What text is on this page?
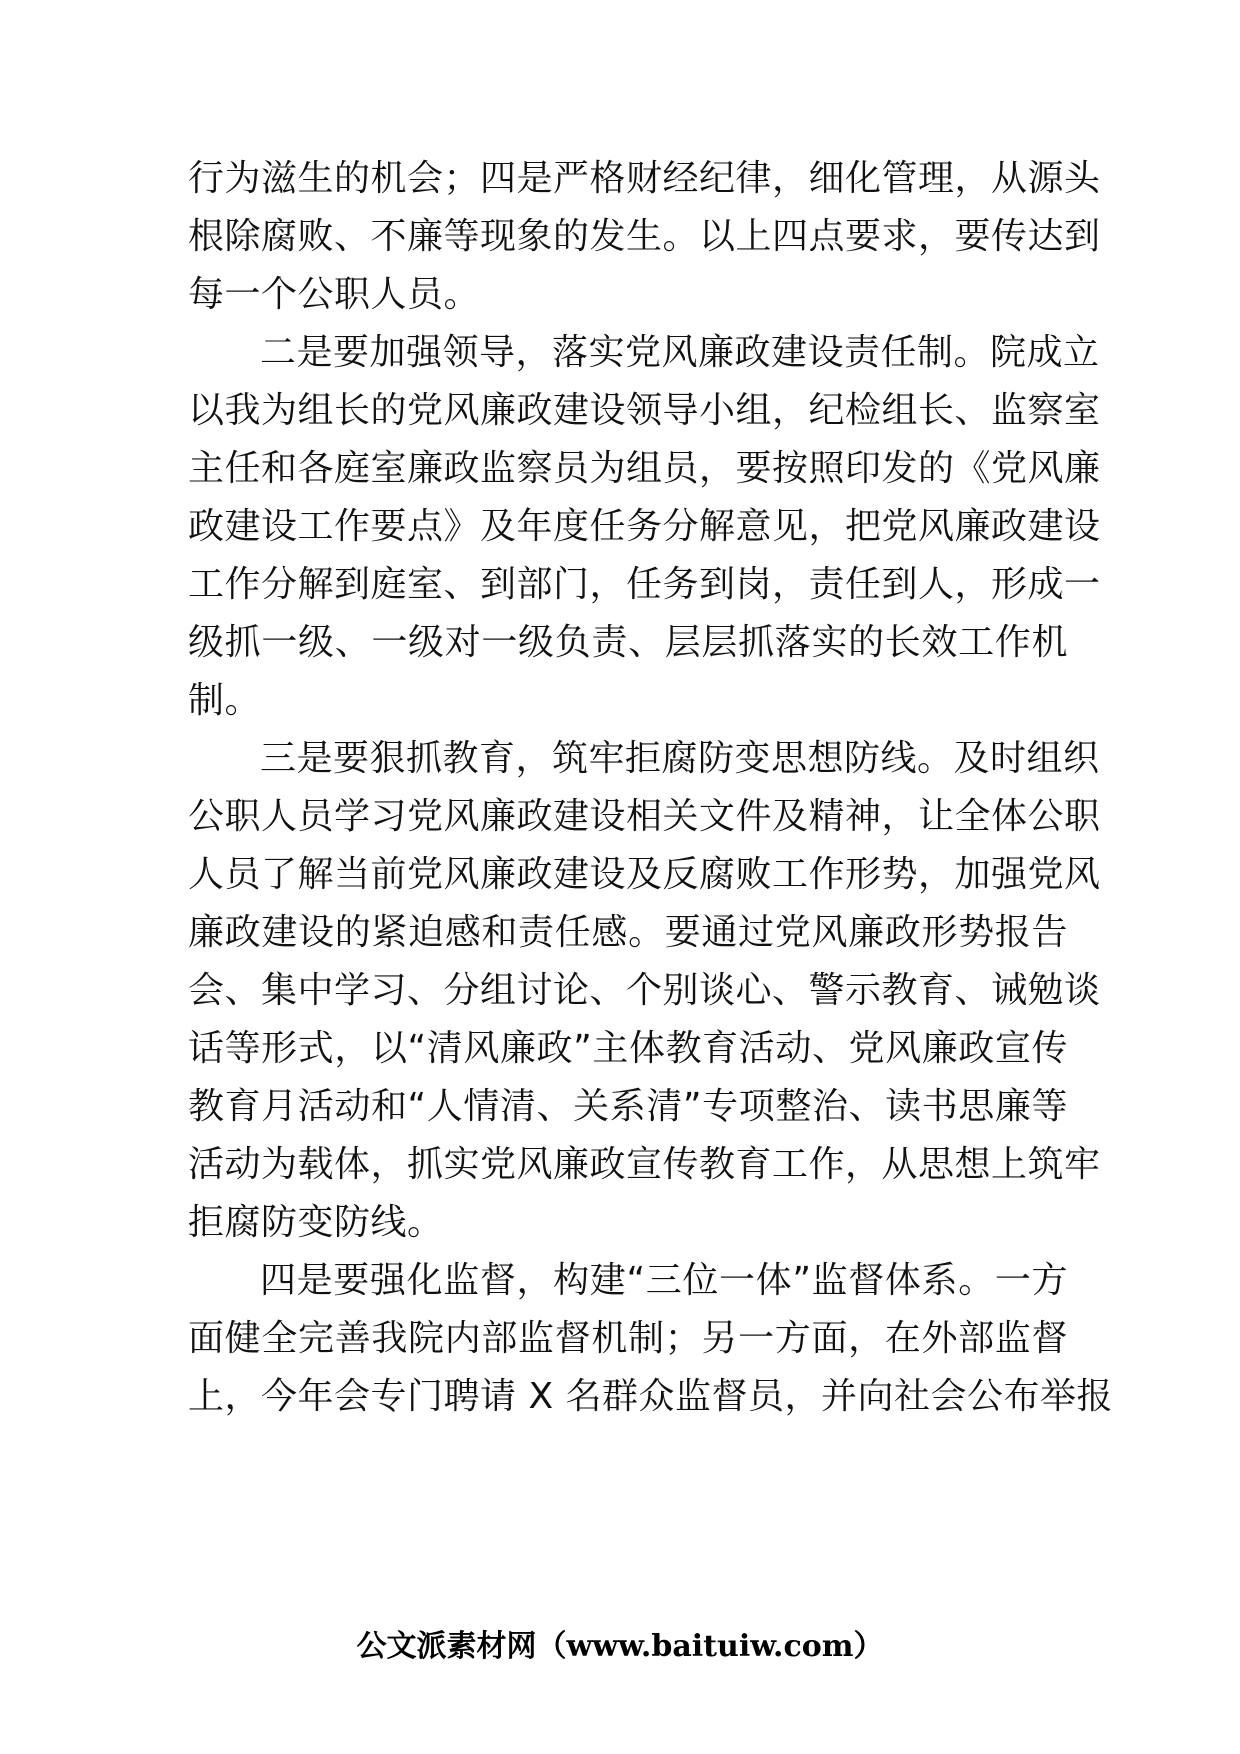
行为滋生的机会；四是严格财经纪律，细化管理，从源头
根除腐败、不廉等现象的发生。以上四点要求，要传达到
每一个公职人员。
二是要加强领导，落实党风廉政建设责任制。院成立
以我为组长的党风廉政建设领导小组，纪检组长、监察室
主任和各庭室廉政监察员为组员，要按照印发的《党风廉
政建设工作要点》及年度任务分解意见，把党风廉政建设
工作分解到庭室、到部门，任务到岗，责任到人，形成一
级抓一级、一级对一级负责、层层抓落实的长效工作机
制。
三是要狠抓教育，筑牢拒腐防变思想防线。及时组织
公职人员学习党风廉政建设相关文件及精神，让全体公职
人员了解当前党风廉政建设及反腐败工作形势，加强党风
廉政建设的紧迫感和责任感。要通过党风廉政形势报告
会、集中学习、分组讨论、个别谈心、警示教育、诫勉谈
话等形式，以“清风廉政”主体教育活动、党风廉政宣传
教育月活动和“人情清、关系清”专项整治、读书思廉等
活动为载体，抓实党风廉政宣传教育工作，从思想上筑牢
拒腐防变防线。
四是要强化监督，构建“三位一体”监督体系。一方
面健全完善我院内部监督机制；另一方面，在外部监督
上，今年会专门聘请 X 名群众监督员，并向社会公布举报
公文派素材网（www.baituiw.com）
